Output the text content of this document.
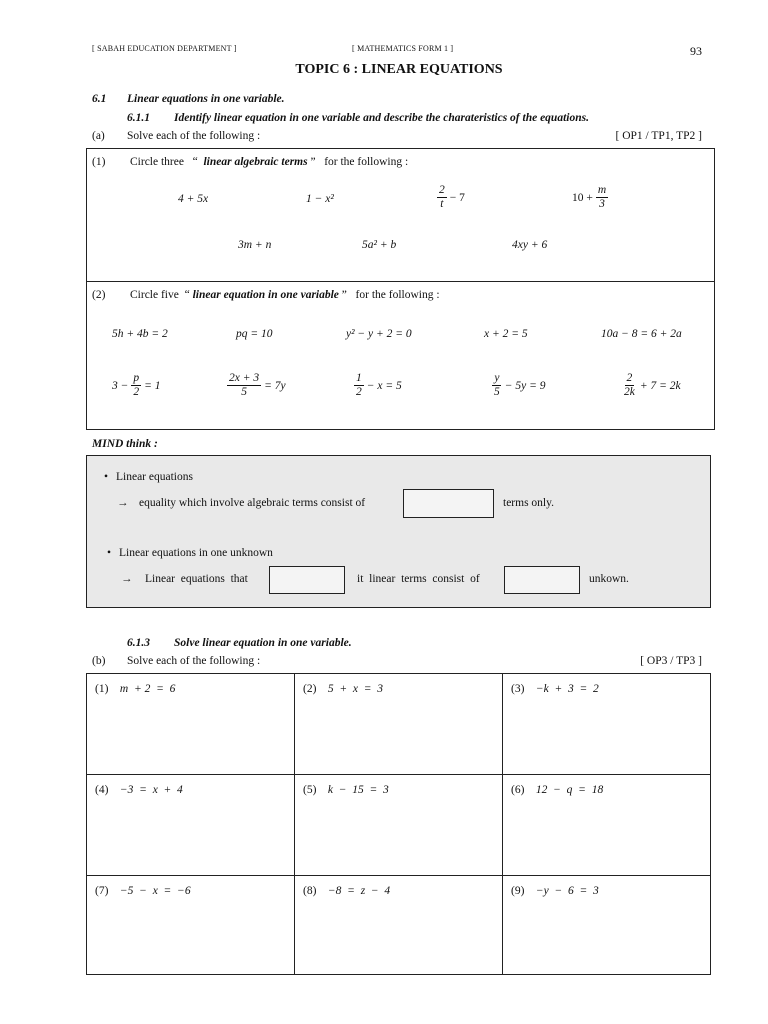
[ SABAH EDUCATION DEPARTMENT ]	[ MATHEMATICS FORM 1 ]	93
TOPIC 6 : LINEAR EQUATIONS
6.1 Linear equations in one variable.
6.1.1 Identify linear equation in one variable and describe the charateristics of the equations.
(a) Solve each of the following :	[ OP1 / TP1, TP2 ]
(1) Circle three “ linear algebraic terms ” for the following :
4 + 5x	1 − x²	$\frac{2}{t} - 7$	$10 + \frac{m}{3}$
3m + n	5a² + b	4xy + 6
(2) Circle five “ linear equation in one variable ” for the following :
5h + 4b = 2	pq = 10	y² − y + 2 = 0	x + 2 = 5	10a − 8 = 6 + 2a
$3 - \frac{p}{2} = 1$	$\frac{2x + 3}{5} = 7y$	$\frac{1}{2} - x = 5$	$\frac{y}{5} - 5y = 9$	$\frac{2}{2k} + 7 = 2k$
MIND think :
• Linear equations
→ equality which involve algebraic terms consist of	terms only.
• Linear equations in one unknown
→ Linear  equations  that	it  linear  terms  consist  of	unkown.
6.1.3 Solve linear equation in one variable.
(b) Solve each of the following :	[ OP3 / TP3 ]
(1) m  + 2  =  6	(2) 5  +  x  =  3	(3) −k  +  3  =  2
(4) −3  =  x  +  4	(5) k  −  15  =  3	(6) 12  −  q  =  18
(7) −5  −  x  =  −6	(8) −8  =  z  −  4	(9) −y  −  6  =  3
